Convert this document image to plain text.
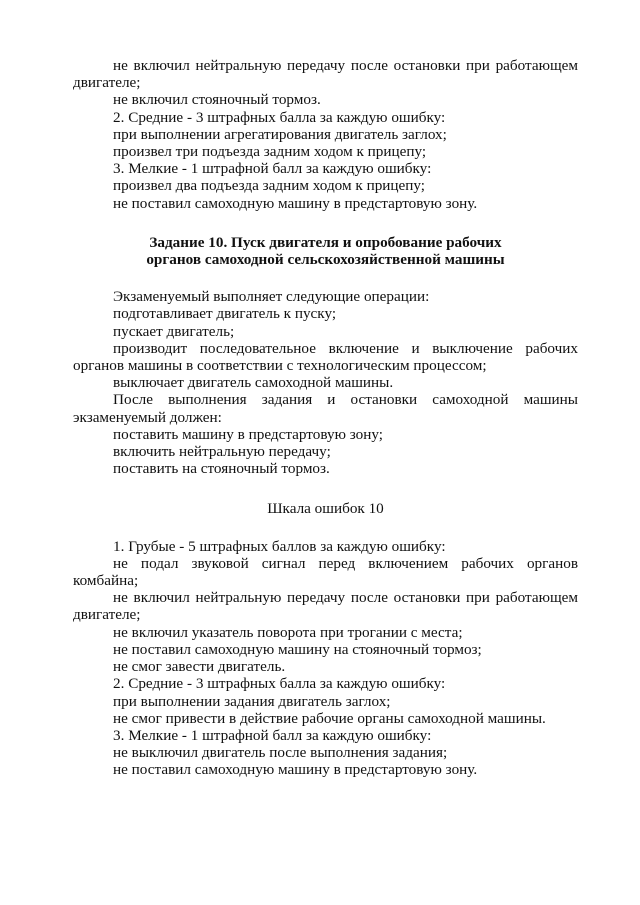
не включил нейтральную передачу после остановки при работающем двигателе;

не включил стояночный тормоз.

2. Средние - 3 штрафных балла за каждую ошибку:

при выполнении агрегатирования двигатель заглох;

произвел три подъезда задним ходом к прицепу;

3. Мелкие - 1 штрафной балл за каждую ошибку:

произвел два подъезда задним ходом к прицепу;

не поставил самоходную машину в предстартовую зону.

Задание 10. Пуск двигателя и опробование рабочих
органов самоходной сельскохозяйственной машины

Экзаменуемый выполняет следующие операции:

подготавливает двигатель к пуску;

пускает двигатель;

производит последовательное включение и выключение рабочих органов машины в соответствии с технологическим процессом;

выключает двигатель самоходной машины.

После выполнения задания и остановки самоходной машины экзаменуемый должен:

поставить машину в предстартовую зону;

включить нейтральную передачу;

поставить на стояночный тормоз.

Шкала ошибок 10

1. Грубые - 5 штрафных баллов за каждую ошибку:

не подал звуковой сигнал перед включением рабочих органов комбайна;

не включил нейтральную передачу после остановки при работающем двигателе;

не включил указатель поворота при трогании с места;

не поставил самоходную машину на стояночный тормоз;

не смог завести двигатель.

2. Средние - 3 штрафных балла за каждую ошибку:

при выполнении задания двигатель заглох;

не смог привести в действие рабочие органы самоходной машины.

3. Мелкие - 1 штрафной балл за каждую ошибку:

не выключил двигатель после выполнения задания;

не поставил самоходную машину в предстартовую зону.
